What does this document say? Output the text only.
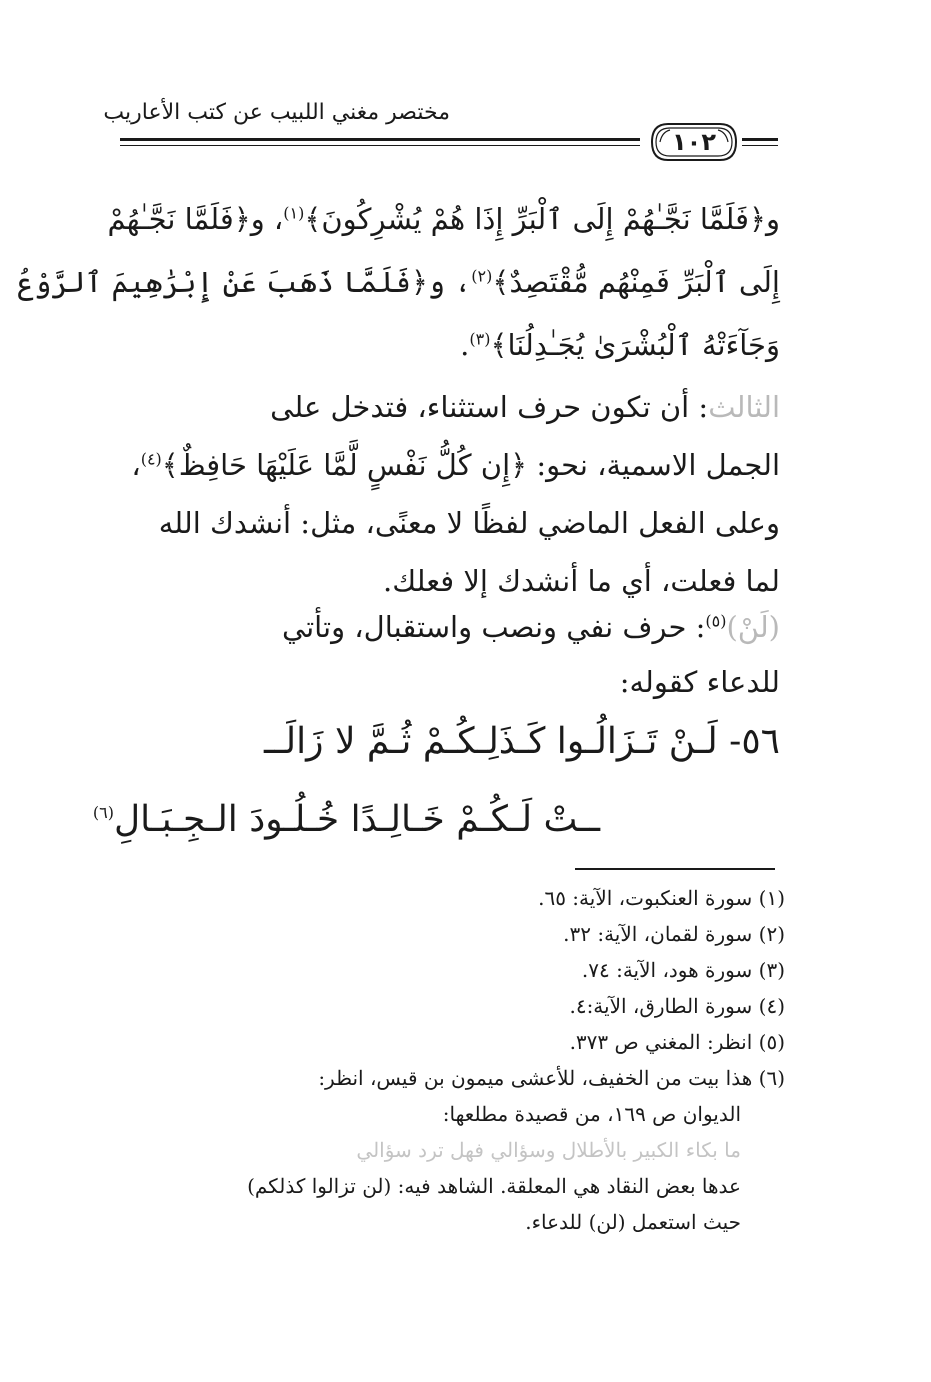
مختصر مغني اللبيب عن كتب الأعاريب
١٠٢
و﴿فَلَمَّا نَجَّـٰهُمْ إِلَى ٱلْبَرِّ إِذَا هُمْ يُشْرِكُونَ﴾$^{(١)}$، و﴿فَلَمَّا نَجَّـٰهُمْ
إِلَى ٱلْبَرِّ فَمِنْهُم مُّقْتَصِدٌ﴾$^{(٢)}$، و﴿فَلَمَّا ذَهَبَ عَنْ إِبْرَٰهِيمَ ٱلرَّوْعُ
وَجَآءَتْهُ ٱلْبُشْرَىٰ يُجَـٰدِلُنَا﴾$^{(٣)}$.
الثالث: أن تكون حرف استثناء، فتدخل على
الجمل الاسمية، نحو: ﴿إِن كُلُّ نَفْسٍ لَّمَّا عَلَيْهَا حَافِظٌ﴾$^{(٤)}$،
وعلى الفعل الماضي لفظًا لا معنًى، مثل: أنشدك الله
لما فعلت، أي ما أنشدك إلا فعلك.
(لَنْ)$^{(٥)}$: حرف نفي ونصب واستقبال، وتأتي
للدعاء كقوله:
٥٦- لَـنْ تَـزَالُـوا كَـذَلِـكُـمْ ثُـمَّ لا زَالَــ
ــتْ لَـكُـمْ خَـالِـدًا خُـلُـودَ الـجِـبَـالِ$^{(٦)}$
(١) سورة العنكبوت، الآية: ٦٥.
(٢) سورة لقمان، الآية: ٣٢.
(٣) سورة هود، الآية: ٧٤.
(٤) سورة الطارق، الآية:٤.
(٥) انظر: المغني ص ٣٧٣.
(٦) هذا بيت من الخفيف، للأعشى ميمون بن قيس، انظر:
الديوان ص ١٦٩، من قصيدة مطلعها:
ما بكاء الكبير بالأطلال وسؤالي فهل ترد سؤالي
عدها بعض النقاد هي المعلقة. الشاهد فيه: (لن تزالوا كذلكم)
حيث استعمل (لن) للدعاء.
